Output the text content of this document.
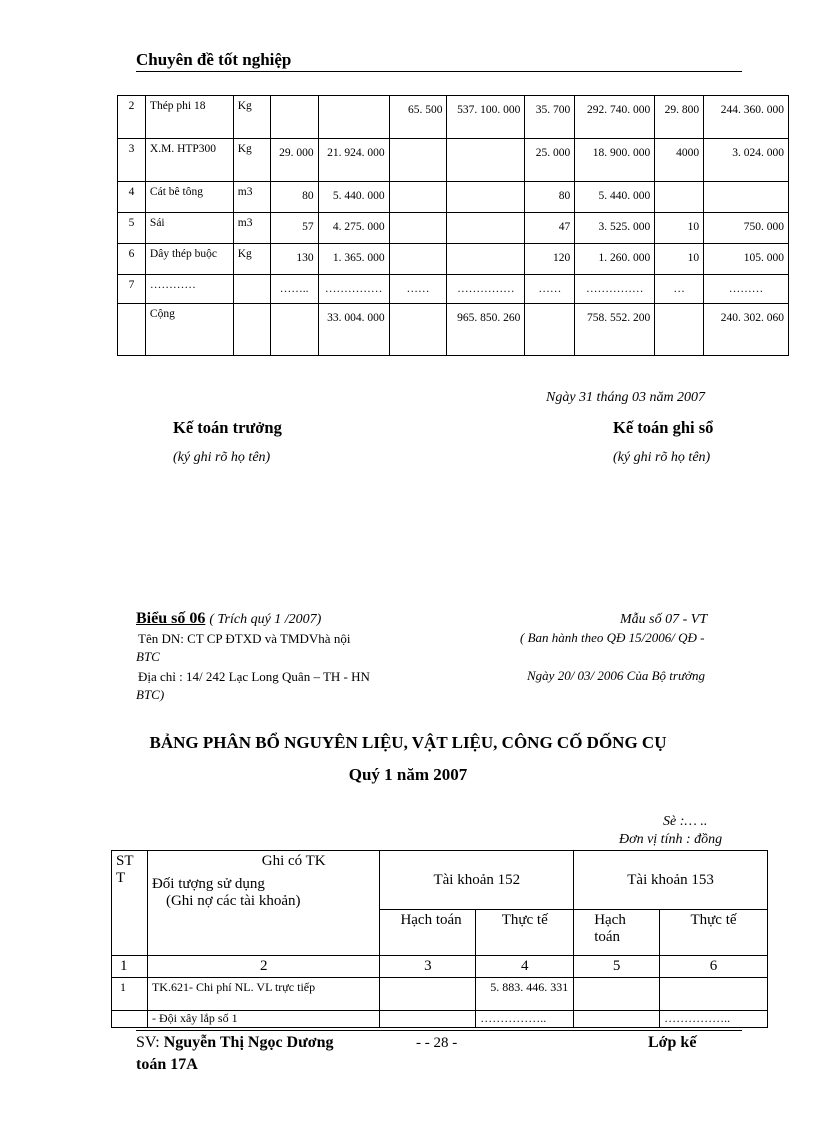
Chuyên đề tốt nghiệp
2	Thép phi 18	Kg			65. 500	537. 100. 000	35. 700	292. 740. 000	29. 800	244. 360. 000
3	X.M. HTP300	Kg	29. 000	21. 924. 000			25. 000	18. 900. 000	4000	3. 024. 000
4	Cát bê tông	m3	80	5. 440. 000			80	5. 440. 000		
5	Sái	m3	57	4. 275. 000			47	3. 525. 000	10	750. 000
6	Dây thép buộc	Kg	130	1. 365. 000			120	1. 260. 000	10	105. 000
7	…………		……..	……………	……	……………	……	……………	…	………
	Cộng			33. 004. 000		965. 850. 260		758. 552. 200		240. 302. 060
Ngày 31 tháng 03 năm 2007
Kế toán trưởng
(ký ghi rõ họ tên)
Kế toán ghi sổ
(ký ghi rõ họ tên)
Biểu số 06 ( Trích quý 1 /2007)	Mẫu số 07 - VT
Tên DN: CT CP ĐTXD và TMDVhà nội
BTC
( Ban hành theo QĐ 15/2006/ QĐ -
Địa chỉ : 14/ 242 Lạc Long Quân – TH - HN
BTC)
Ngày 20/ 03/ 2006 Của Bộ trưởng
BẢNG PHÂN BỔ NGUYÊN LIỆU, VẬT LIỆU, CÔNG CỐ DỐNG CỤ
Quý 1 năm 2007
Sè :… ..
Đơn vị tính : đồng
ST T	Ghi có TK
Đối tượng sử dụng
(Ghi nợ các tài khoản)	Tài khoản 152		Tài khoản 153	
		Hạch toán	Thực tế	Hạch toán	Thực tế
1	2	3	4	5	6
1	TK.621- Chi phí NL. VL trực tiếp		5. 883. 446. 331		
	- Đội xây lắp số 1		……………..		……………..
SV: Nguyễn Thị Ngọc Dương
toán 17A
- - 28 -	Lớp kế
